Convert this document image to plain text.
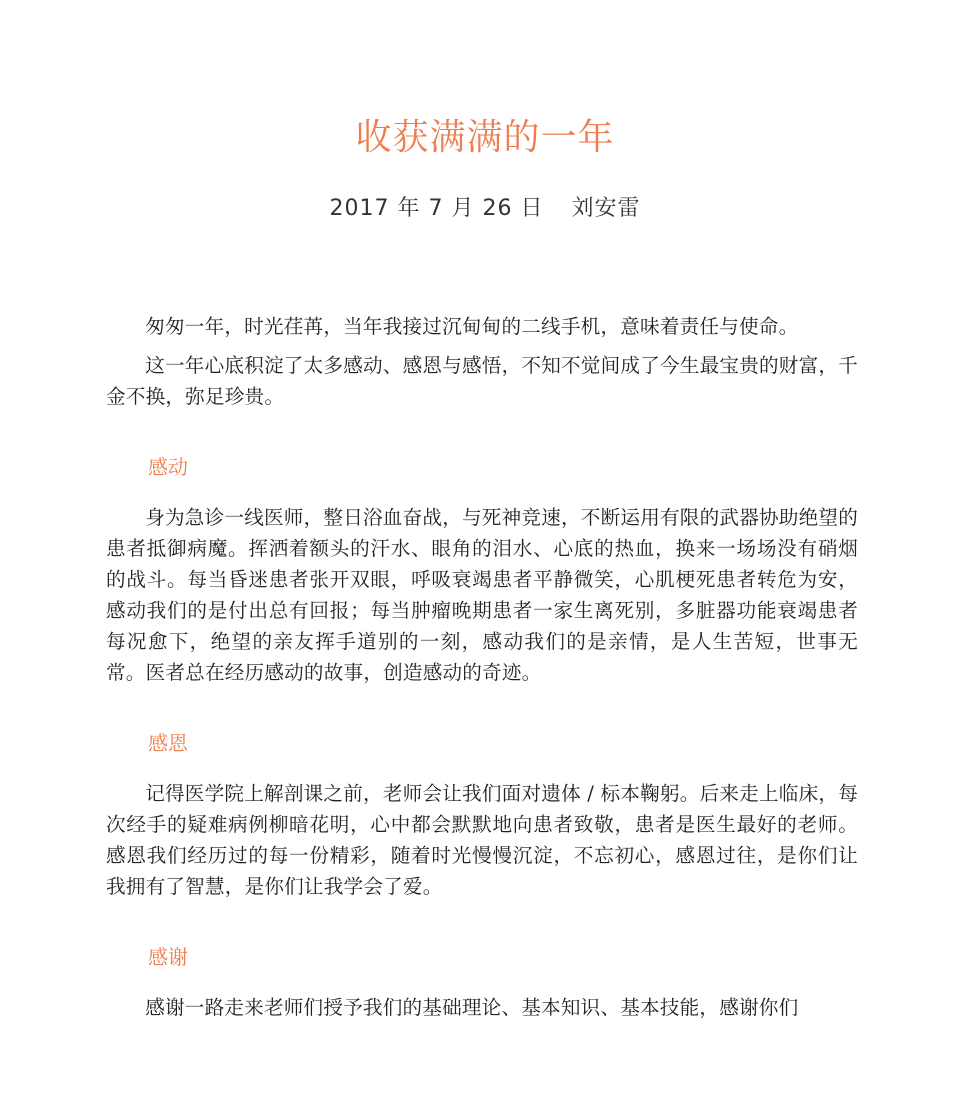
收获满满的一年

2017 年 7 月 26 日 刘安雷

匆匆一年，时光荏苒，当年我接过沉甸甸的二线手机，意味着责任与使命。

这一年心底积淀了太多感动、感恩与感悟，不知不觉间成了今生最宝贵的财富，千金不换，弥足珍贵。

感动

身为急诊一线医师，整日浴血奋战，与死神竞速，不断运用有限的武器协助绝望的患者抵御病魔。挥洒着额头的汗水、眼角的泪水、心底的热血，换来一场场没有硝烟的战斗。每当昏迷患者张开双眼，呼吸衰竭患者平静微笑，心肌梗死患者转危为安，感动我们的是付出总有回报；每当肿瘤晚期患者一家生离死别，多脏器功能衰竭患者每况愈下，绝望的亲友挥手道别的一刻，感动我们的是亲情，是人生苦短，世事无常。医者总在经历感动的故事，创造感动的奇迹。

感恩

记得医学院上解剖课之前，老师会让我们面对遗体 / 标本鞠躬。后来走上临床，每次经手的疑难病例柳暗花明，心中都会默默地向患者致敬，患者是医生最好的老师。感恩我们经历过的每一份精彩，随着时光慢慢沉淀，不忘初心，感恩过往，是你们让我拥有了智慧，是你们让我学会了爱。

感谢

感谢一路走来老师们授予我们的基础理论、基本知识、基本技能，感谢你们
